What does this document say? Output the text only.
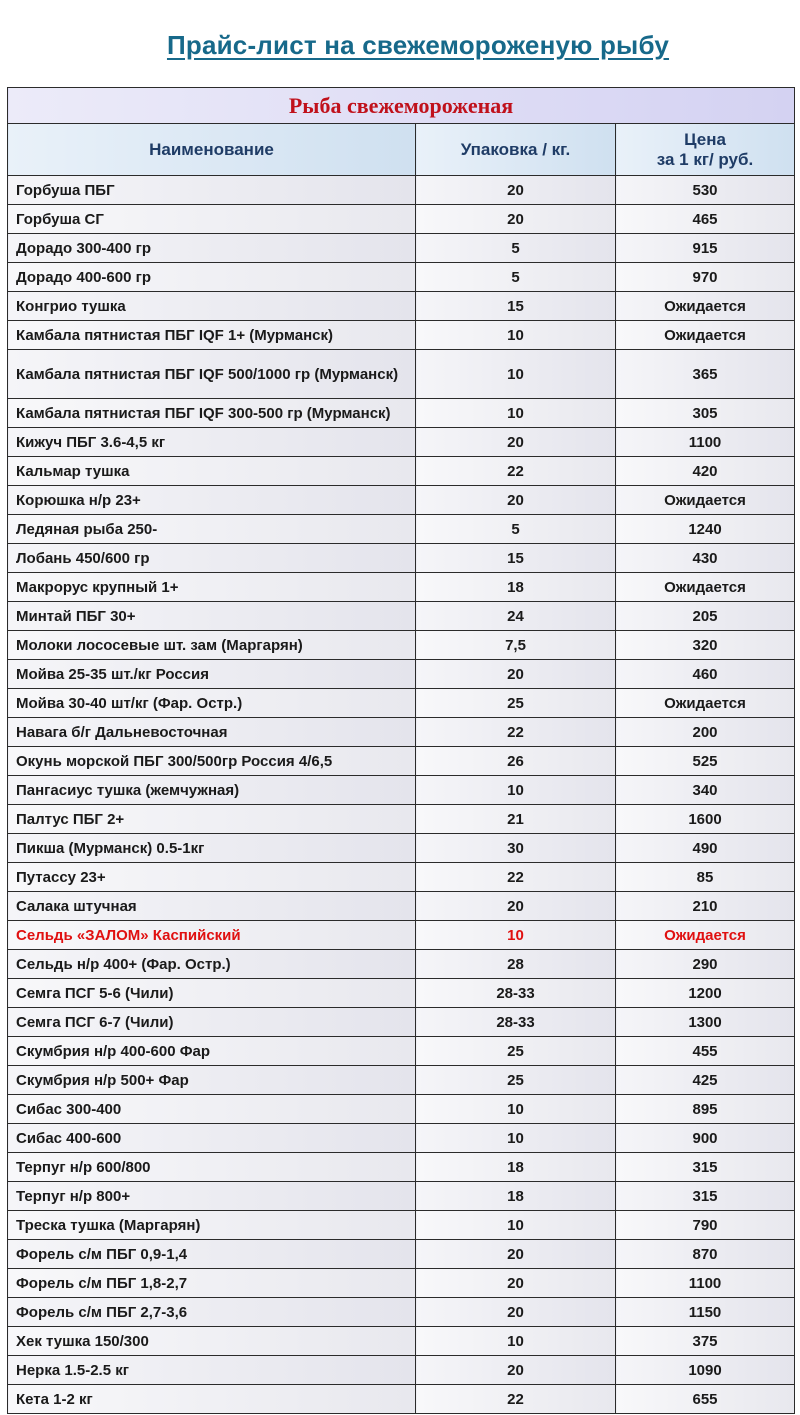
Прайс-лист на свежемороженую рыбу
Рыба свежемороженая		
Наименование	Упаковка / кг.	Цена
за 1 кг/ руб.
Горбуша ПБГ	20	530
Горбуша СГ	20	465
Дорадо 300-400 гр	5	915
Дорадо 400-600 гр	5	970
Конгрио тушка	15	Ожидается
Камбала пятнистая ПБГ IQF 1+ (Мурманск)	10	Ожидается
Камбала пятнистая ПБГ IQF 500/1000 гр (Мурманск)	10	365
Камбала пятнистая ПБГ IQF 300-500 гр (Мурманск)	10	305
Кижуч ПБГ 3.6-4,5 кг	20	1100
Кальмар тушка	22	420
Корюшка н/р 23+	20	Ожидается
Ледяная рыба 250-	5	1240
Лобань 450/600 гр	15	430
Макрорус крупный 1+	18	Ожидается
Минтай ПБГ 30+	24	205
Молоки лососевые шт. зам (Маргарян)	7,5	320
Мойва 25-35 шт./кг Россия	20	460
Мойва 30-40 шт/кг (Фар. Остр.)	25	Ожидается
Навага б/г Дальневосточная	22	200
Окунь морской ПБГ 300/500гр Россия 4/6,5	26	525
Пангасиус тушка (жемчужная)	10	340
Палтус ПБГ 2+	21	1600
Пикша (Мурманск) 0.5-1кг	30	490
Путассу 23+	22	85
Салака штучная	20	210
Сельдь «ЗАЛОМ» Каспийский	10	Ожидается
Сельдь н/р 400+ (Фар. Остр.)	28	290
Семга ПСГ 5-6 (Чили)	28-33	1200
Семга ПСГ 6-7 (Чили)	28-33	1300
Скумбрия н/р 400-600 Фар	25	455
Скумбрия н/р 500+ Фар	25	425
Сибас 300-400	10	895
Сибас 400-600	10	900
Терпуг н/р 600/800	18	315
Терпуг н/р 800+	18	315
Треска тушка (Маргарян)	10	790
Форель с/м ПБГ 0,9-1,4	20	870
Форель с/м ПБГ 1,8-2,7	20	1100
Форель с/м ПБГ 2,7-3,6	20	1150
Хек тушка 150/300	10	375
Нерка 1.5-2.5 кг	20	1090
Кета 1-2 кг	22	655
